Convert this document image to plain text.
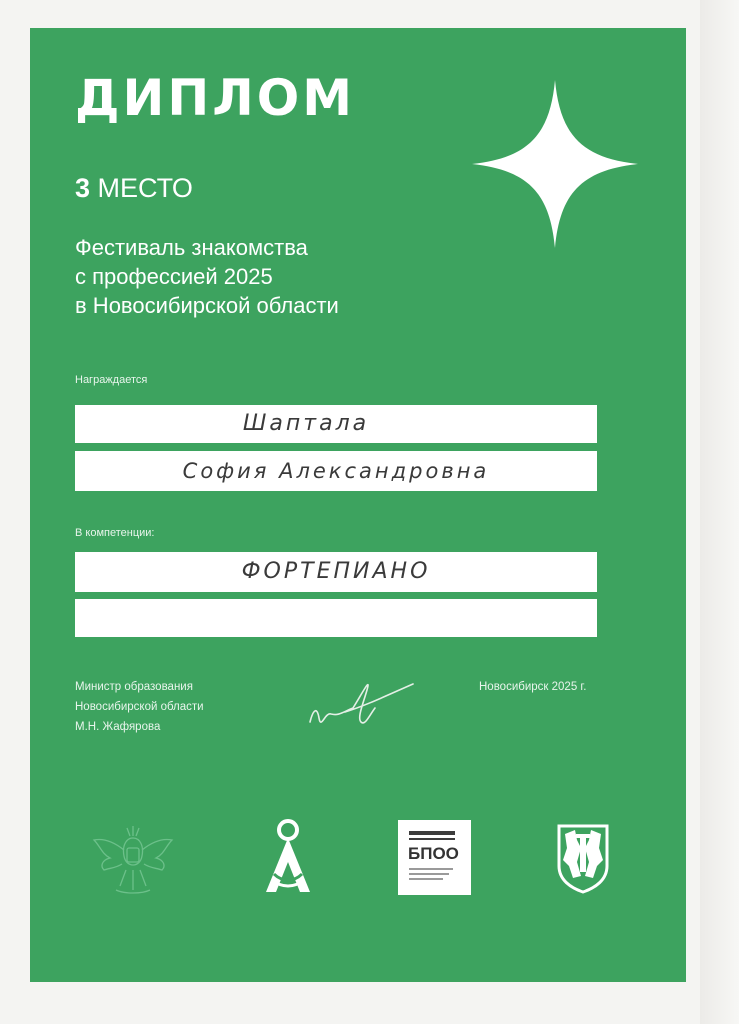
ДИПЛОМ
3 МЕСТО
Фестиваль знакомства
с профессией 2025
в Новосибирской области
Награждается
Шаптала
София Александровна
В компетенции:
ФОРТЕПИАНО
Министр образования
Новосибирской области
М.Н. Жафярова
Новосибирск 2025 г.
БПОО
